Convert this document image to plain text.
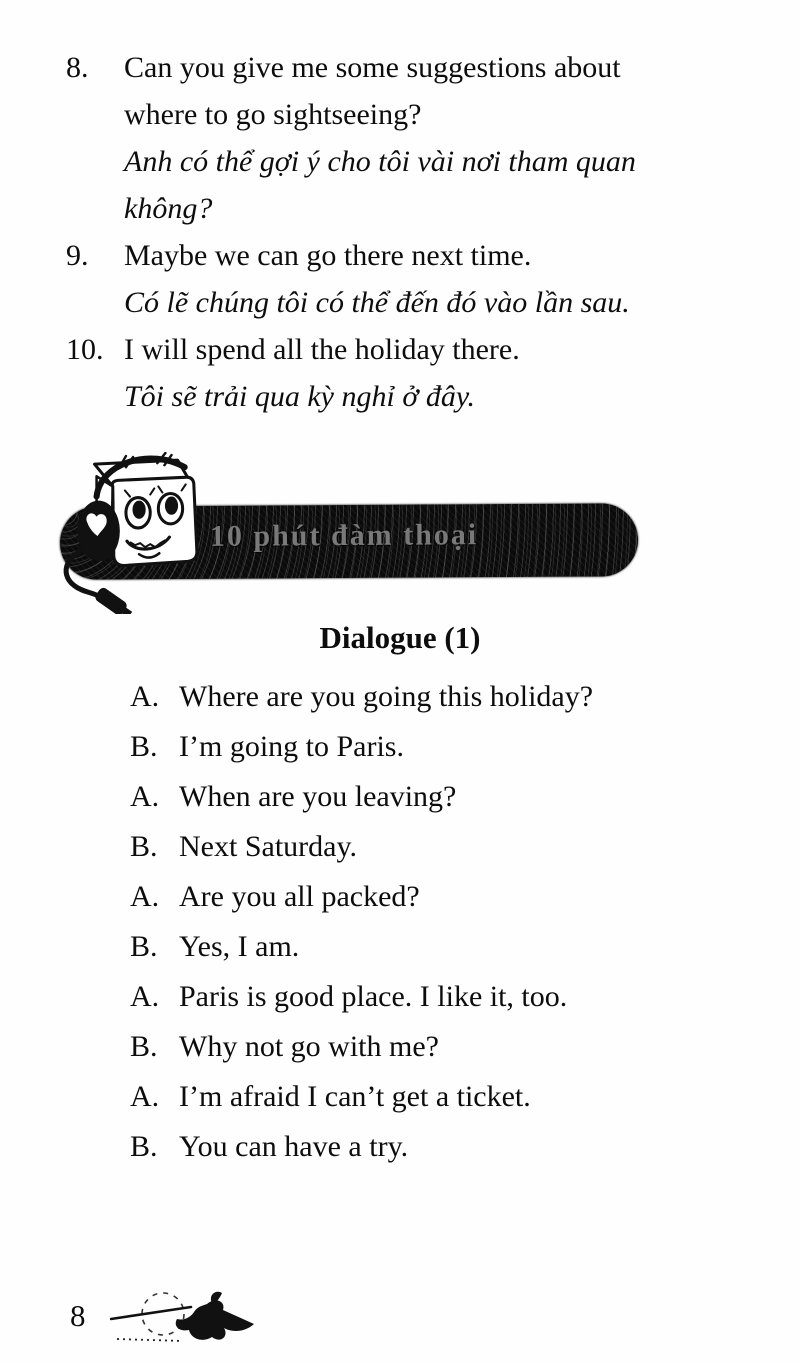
8.	Can you give me some suggestions about
where to go sightseeing?
Anh có thể gợi ý cho tôi vài nơi tham quan
không?
9.	Maybe we can go there next time.
Có lẽ chúng tôi có thể đến đó vào lần sau.
10. I will spend all the holiday there.
Tôi sẽ trải qua kỳ nghỉ ở đây.
10 phút đàm thoại
Dialogue (1)
A. Where are you going this holiday?
B. I’m going to Paris.
A. When are you leaving?
B. Next Saturday.
A. Are you all packed?
B. Yes, I am.
A. Paris is good place. I like it, too.
B. Why not go with me?
A. I’m afraid I can’t get a ticket.
B. You can have a try.
8
